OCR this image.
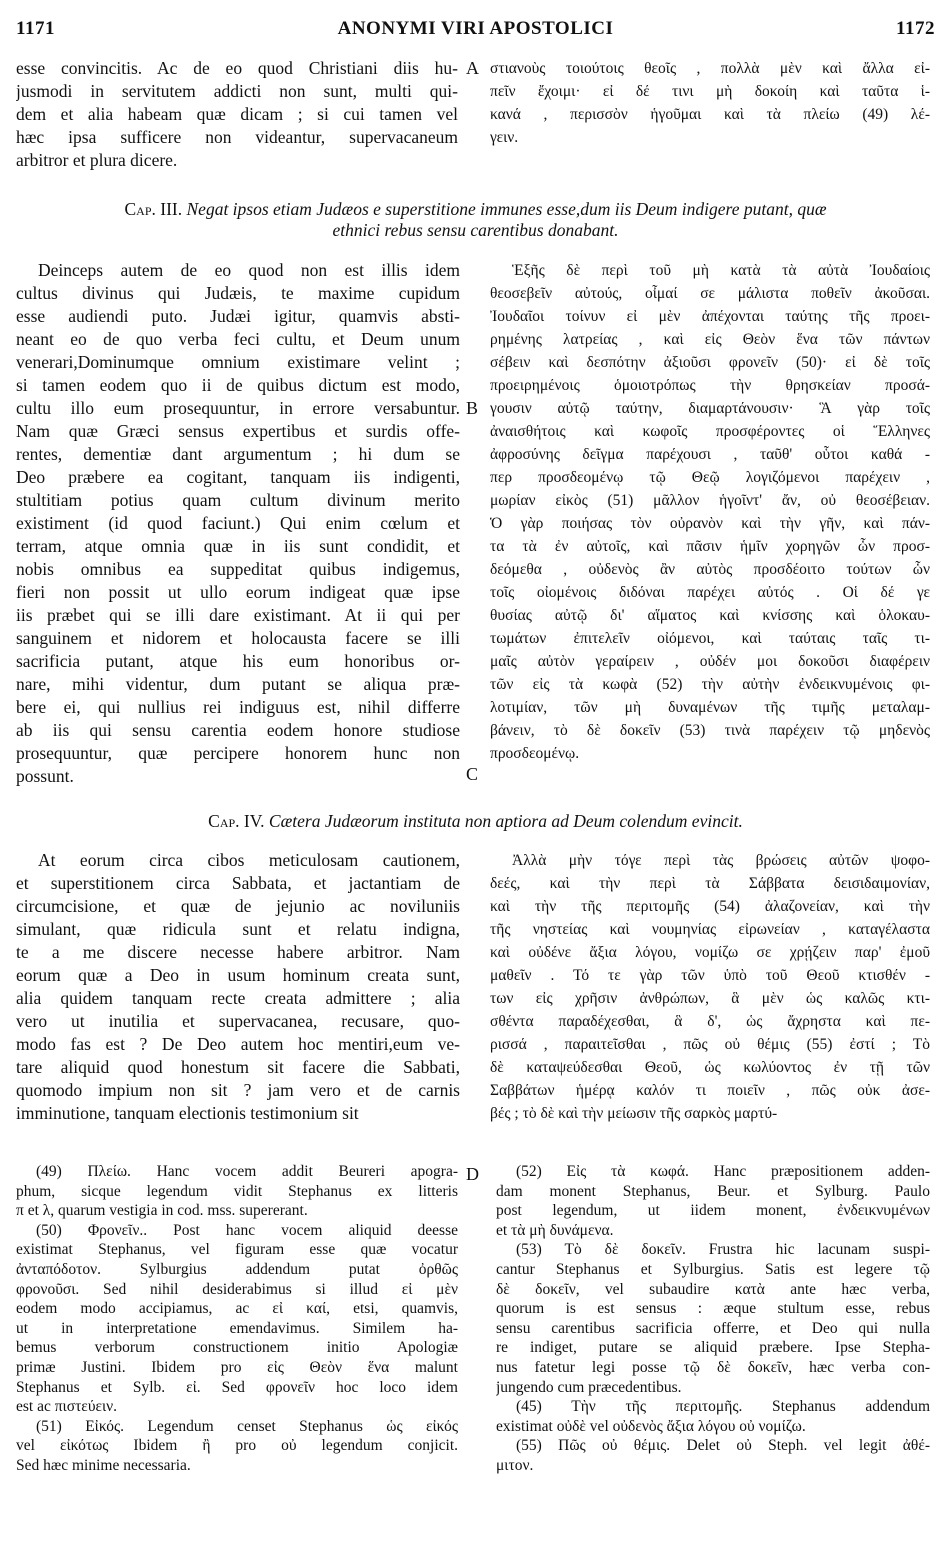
1171	ANONYMI VIRI APOSTOLICI	1172

esse convincitis. Ac de eo quod Christiani diis hu-

jusmodi in servitutem addicti non sunt, multi qui-

dem et alia habeam quæ dicam ; si cui tamen vel

hæc ipsa sufficere non videantur, supervacaneum

arbitror et plura dicere.

στιανοὺς τοιούτοις θεοῖς , πολλὰ μὲν καὶ ἄλλα εἰ-

πεῖν ἔχοιμι· εἰ δέ τινι μὴ δοκοίη καὶ ταῦτα ἱ-

κανά , περισσὸν ἡγοῦμαι καὶ τὰ πλείω (49) λέ-

γειν.

A
Cap. III. Negat ipsos etiam Judæos e superstitione immunes esse,dum iis Deum indigere putant, quæ
ethnici rebus sensu carentibus donabant.

Deinceps autem de eo quod non est illis idem

cultus divinus qui Judæis, te maxime cupidum

esse audiendi puto. Judæi igitur, quamvis absti-

neant eo de quo verba feci cultu, et Deum unum

venerari,Dominumque omnium existimare velint ;

si tamen eodem quo ii de quibus dictum est modo,

cultu illo eum prosequuntur, in errore versabuntur.

Nam quæ Græci sensus expertibus et surdis offe-

rentes, dementiæ dant argumentum ; hi dum se

Deo præbere ea cogitant, tanquam iis indigenti,

stultitiam potius quam cultum divinum merito

existiment (id quod faciunt.) Qui enim cœlum et

terram, atque omnia quæ in iis sunt condidit, et

nobis omnibus ea suppeditat quibus indigemus,

fieri non possit ut ullo eorum indigeat quæ ipse

iis præbet qui se illi dare existimant. At ii qui per

sanguinem et nidorem et holocausta facere se illi

sacrificia putant, atque his eum honoribus or-

nare, mihi videntur, dum putant se aliqua præ-

bere ei, qui nullius rei indiguus est, nihil differre

ab iis qui sensu carentia eodem honore studiose

prosequuntur, quæ percipere honorem hunc non

possunt.

Ἑξῆς δὲ περὶ τοῦ μὴ κατὰ τὰ αὐτὰ Ἰουδαίοις

θεοσεβεῖν αὐτούς, οἶμαί σε μάλιστα ποθεῖν ἀκοῦσαι.

Ἰουδαῖοι τοίνυν εἰ μὲν ἀπέχονται ταύτης τῆς προει-

ρημένης λατρείας , καὶ εἰς Θεὸν ἕνα τῶν πάντων

σέβειν καὶ δεσπότην ἀξιοῦσι φρονεῖν (50)· εἰ δὲ τοῖς

προειρημένοις ὁμοιοτρόπως τὴν θρησκείαν προσά-

γουσιν αὐτῷ ταύτην, διαμαρτάνουσιν· Ἃ γὰρ τοῖς

ἀναισθήτοις καὶ κωφοῖς προσφέροντες οἱ Ἕλληνες

ἀφροσύνης δεῖγμα παρέχουσι , ταῦθ' οὗτοι καθά -

περ προσδεομένῳ τῷ Θεῷ λογιζόμενοι παρέχειν ,

μωρίαν εἰκὸς (51) μᾶλλον ἡγοῖντ' ἄν, οὐ θεοσέβειαν.

Ὁ γὰρ ποιήσας τὸν οὐρανὸν καὶ τὴν γῆν, καὶ πάν-

τα τὰ ἐν αὐτοῖς, καὶ πᾶσιν ἡμῖν χορηγῶν ὧν προσ-

δεόμεθα , οὐδενὸς ἂν αὐτὸς προσδέοιτο τούτων ὧν

τοῖς οἰομένοις διδόναι παρέχει αὐτός . Οἱ δέ γε

θυσίας αὐτῷ δι' αἵματος καὶ κνίσσης καὶ ὁλοκαυ-

τωμάτων ἐπιτελεῖν οἰόμενοι, καὶ ταύταις ταῖς τι-

μαῖς αὐτὸν γεραίρειν , οὐδέν μοι δοκοῦσι διαφέρειν

τῶν εἰς τὰ κωφὰ (52) τὴν αὐτὴν ἐνδεικνυμένοις φι-

λοτιμίαν, τῶν μὴ δυναμένων τῆς τιμῆς μεταλαμ-

βάνειν, τὸ δὲ δοκεῖν (53) τινὰ παρέχειν τῷ μηδενὸς

προσδεομένῳ.

B
C
Cap. IV. Cætera Judæorum instituta non aptiora ad Deum colendum evincit.

At eorum circa cibos meticulosam cautionem,

et superstitionem circa Sabbata, et jactantiam de

circumcisione, et quæ de jejunio ac noviluniis

simulant, quæ ridicula sunt et relatu indigna,

te a me discere necesse habere arbitror. Nam

eorum quæ a Deo in usum hominum creata sunt,

alia quidem tanquam recte creata admittere ; alia

vero ut inutilia et supervacanea, recusare, quo-

modo fas est ? De Deo autem hoc mentiri,eum ve-

tare aliquid quod honestum sit facere die Sabbati,

quomodo impium non sit ? jam vero et de carnis

imminutione, tanquam electionis testimonium sit

Ἀλλὰ μὴν τόγε περὶ τὰς βρώσεις αὐτῶν ψοφο-

δεές, καὶ τὴν περὶ τὰ Σάββατα δεισιδαιμονίαν,

καὶ τὴν τῆς περιτομῆς (54) ἀλαζονείαν, καὶ τὴν

τῆς νηστείας καὶ νουμηνίας εἰρωνείαν , καταγέλαστα

καὶ οὐδένε ἄξια λόγου, νομίζω σε χρῄζειν παρ' ἐμοῦ

μαθεῖν . Τό τε γὰρ τῶν ὑπὸ τοῦ Θεοῦ κτισθέν -

των εἰς χρῆσιν ἀνθρώπων, ἃ μὲν ὡς καλῶς κτι-

σθέντα παραδέχεσθαι, ἃ δ', ὡς ἄχρηστα καὶ πε-

ρισσά , παραιτεῖσθαι , πῶς οὐ θέμις (55) ἐστί ; Τὸ

δὲ καταψεύδεσθαι Θεοῦ, ὡς κωλύοντος ἐν τῇ τῶν

Σαββάτων ἡμέρᾳ καλόν τι ποιεῖν , πῶς οὐκ ἀσε-

βές ; τὸ δὲ καὶ τὴν μείωσιν τῆς σαρκὸς μαρτύ-

(49) Πλείω. Hanc vocem addit Beureri apogra-

phum, sicque legendum vidit Stephanus ex litteris

π et λ, quarum vestigia in cod. mss. supererant.

(50) Φρονεῖν.. Post hanc vocem aliquid deesse

existimat Stephanus, vel figuram esse quæ vocatur

ἀνταπόδοτον. Sylburgius addendum putat ὀρθῶς

φρονοῦσι. Sed nihil desiderabimus si illud εἰ μὲν

eodem modo accipiamus, ac εἰ καί, etsi, quamvis,

ut in interpretatione emendavimus. Similem ha-

bemus verborum constructionem initio Apologiæ

primæ Justini. Ibidem pro εἰς Θεὸν ἕνα malunt

Stephanus et Sylb. εἰ. Sed φρονεῖν hoc loco idem

est ac πιστεύειν.

(51) Εἰκός. Legendum censet Stephanus ὡς εἰκός

vel εἰκότως Ibidem ἢ pro οὐ legendum conjicit.

Sed hæc minime necessaria.

(52) Εἰς τὰ κωφά. Hanc præpositionem adden-

dam monent Stephanus, Beur. et Sylburg. Paulo

post legendum, ut iidem monent, ἐνδεικνυμένων

et τὰ μὴ δυνάμενα.

(53) Τὸ δὲ δοκεῖν. Frustra hic lacunam suspi-

cantur Stephanus et Sylburgius. Satis est legere τῷ

δὲ δοκεῖν, vel subaudire κατὰ ante hæc verba,

quorum is est sensus : æque stultum esse, rebus

sensu carentibus sacrificia offerre, et Deo qui nulla

re indiget, putare se aliquid præbere. Ipse Stepha-

nus fatetur legi posse τῷ δὲ δοκεῖν, hæc verba con-

jungendo cum præcedentibus.

(45) Τὴν τῆς περιτομῆς. Stephanus addendum

existimat οὐδὲ vel οὐδενὸς ἄξια λόγου οὐ νομίζω.

(55) Πῶς οὐ θέμις. Delet οὐ Steph. vel legit ἀθέ-

μιτον.

D
